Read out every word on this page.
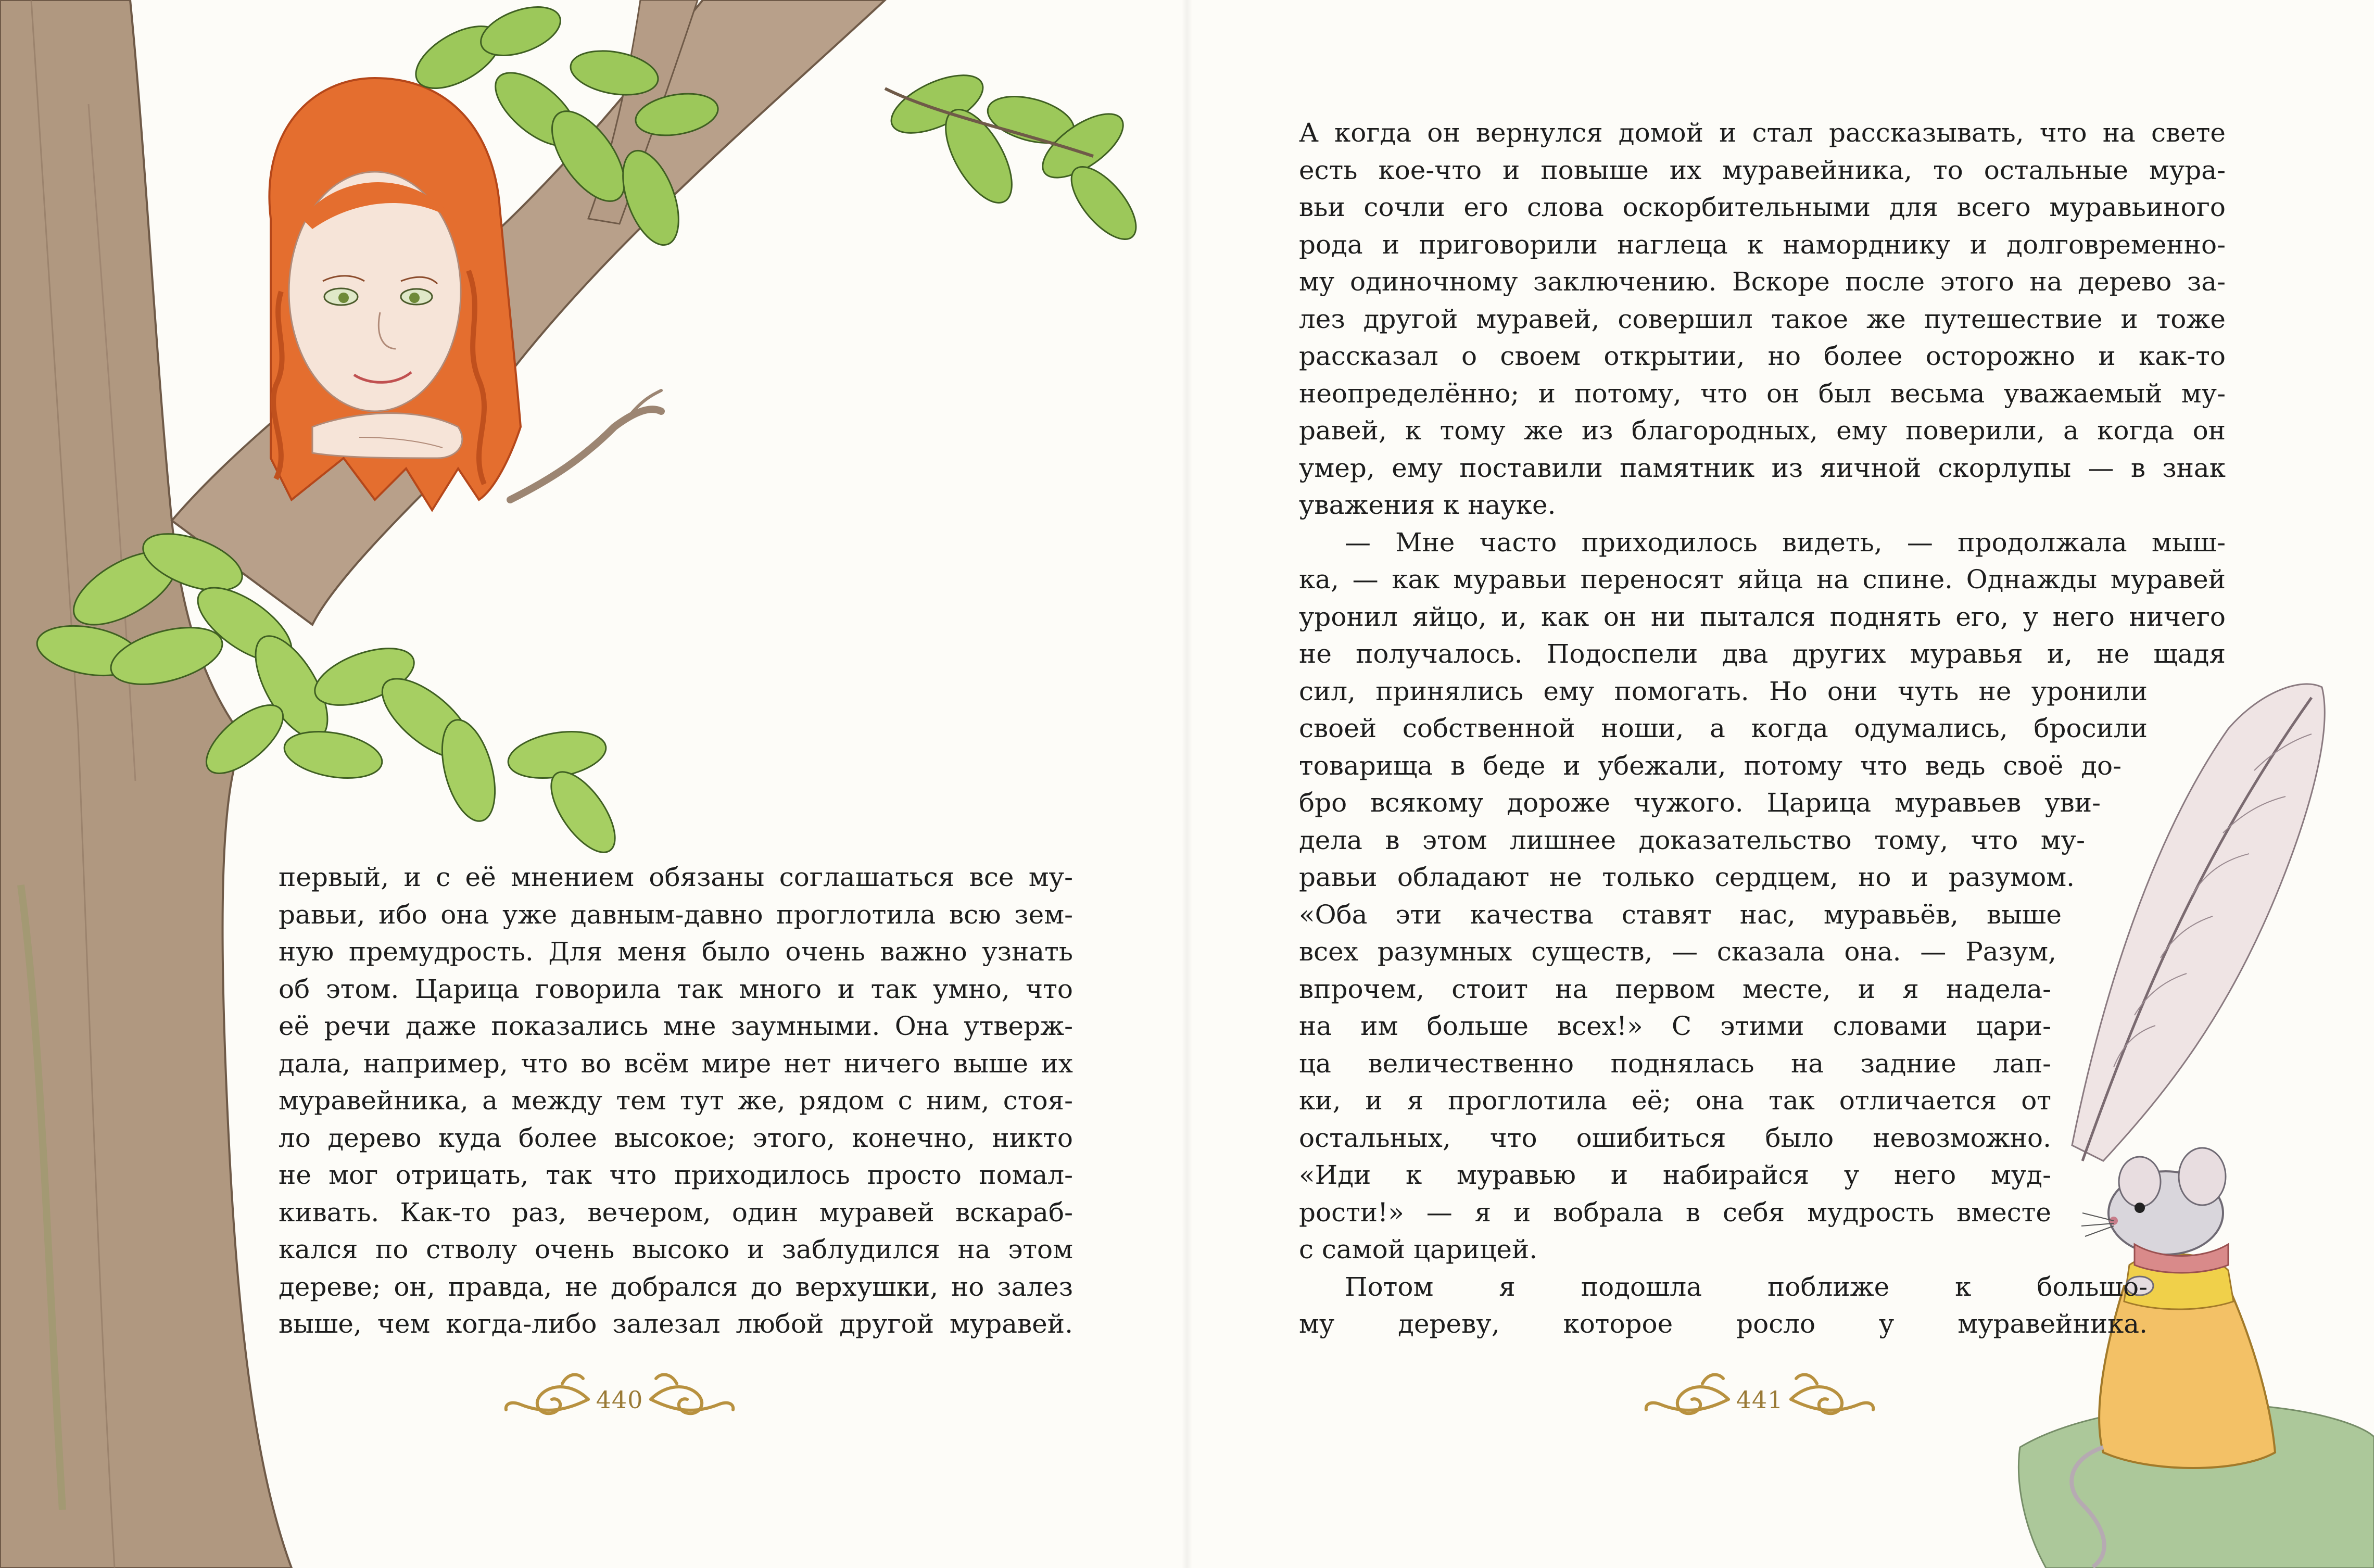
первый, и с её мнением обязаны соглашаться все му-
равьи, ибо она уже давным-давно проглотила всю зем-
ную премудрость. Для меня было очень важно узнать
об этом. Царица говорила так много и так умно, что
её речи даже показались мне заумными. Она утверж-
дала, например, что во всём мире нет ничего выше их
муравейника, а между тем тут же, рядом с ним, стоя-
ло дерево куда более высокое; этого, конечно, никто
не мог отрицать, так что приходилось просто помал-
кивать. Как-то раз, вечером, один муравей вскараб-
кался по стволу очень высоко и заблудился на этом
дереве; он, правда, не добрался до верхушки, но залез
выше, чем когда-либо залезал любой другой муравей.
440
А когда он вернулся домой и стал рассказывать, что на свете
есть кое-что и повыше их муравейника, то остальные мура-
вьи сочли его слова оскорбительными для всего муравьиного
рода и приговорили наглеца к наморднику и долговременно-
му одиночному заключению. Вскоре после этого на дерево за-
лез другой муравей, совершил такое же путешествие и тоже
рассказал о своем открытии, но более осторожно и как-то
неопределённо; и потому, что он был весьма уважаемый му-
равей, к тому же из благородных, ему поверили, а когда он
умер, ему поставили памятник из яичной скорлупы — в знак
уважения к науке.
— Мне часто приходилось видеть, — продолжала мыш-
ка, — как муравьи переносят яйца на спине. Однажды муравей
уронил яйцо, и, как он ни пытался поднять его, у него ничего
не получалось. Подоспели два других муравья и, не щадя
сил, принялись ему помогать. Но они чуть не уронили
своей собственной ноши, а когда одумались, бросили
товарища в беде и убежали, потому что ведь своё до-
бро всякому дороже чужого. Царица муравьев уви-
дела в этом лишнее доказательство тому, что му-
равьи обладают не только сердцем, но и разумом.
«Оба эти качества ставят нас, муравьёв, выше
всех разумных существ, — сказала она. — Разум,
впрочем, стоит на первом месте, и я надела-
на им больше всех!» С этими словами цари-
ца величественно поднялась на задние лап-
ки, и я проглотила её; она так отличается от
остальных, что ошибиться было невозможно.
«Иди к муравью и набирайся у него муд-
рости!» — я и вобрала в себя мудрость вместе
с самой царицей.
Потом я подошла поближе к большо-
му дереву, которое росло у муравейника.
441
